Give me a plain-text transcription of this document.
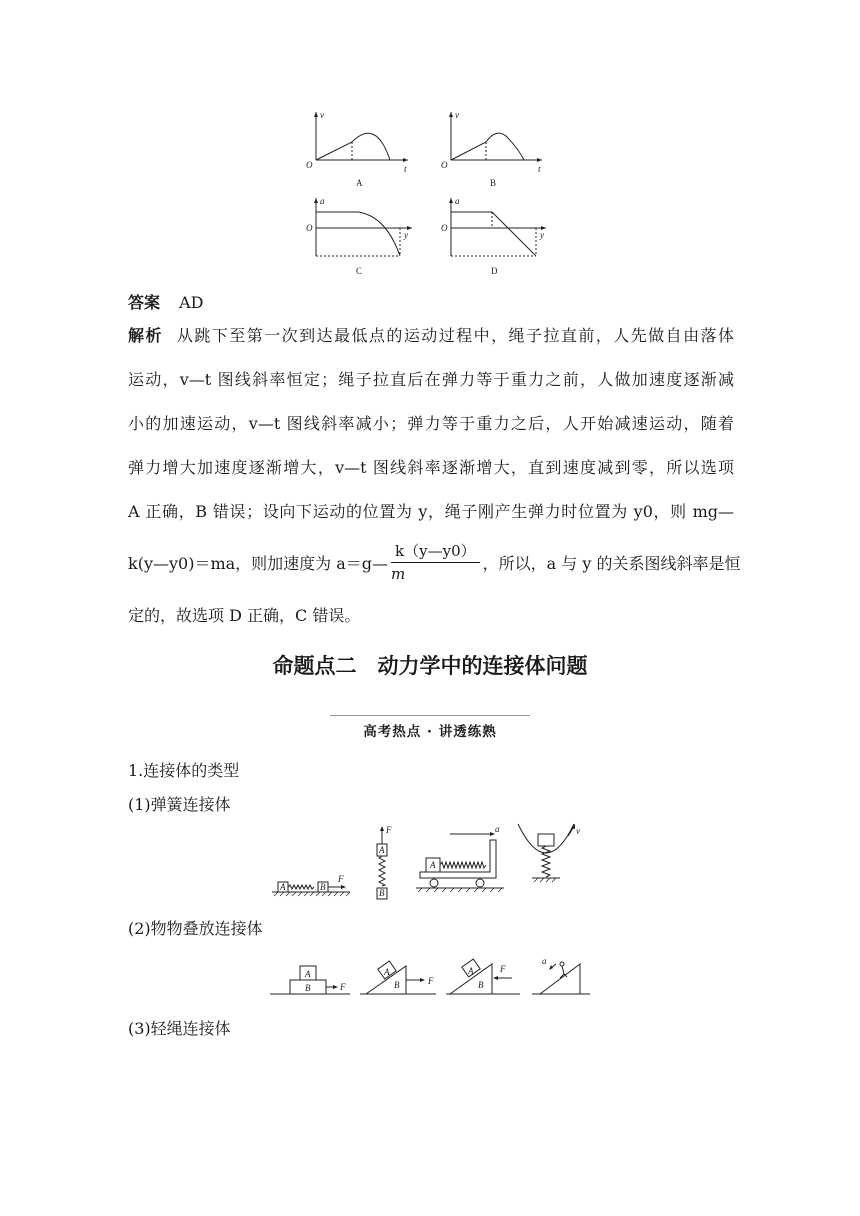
v
t
O
A
v
t
O
B
a
y
O
C
a
y
O
D
答案 AD
解析 从跳下至第一次到达最低点的运动过程中，绳子拉直前，人先做自由落体
运动，v—t 图线斜率恒定；绳子拉直后在弹力等于重力之前，人做加速度逐渐减
小的加速运动，v—t 图线斜率减小；弹力等于重力之后，人开始减速运动，随着
弹力增大加速度逐渐增大，v—t 图线斜率逐渐增大，直到速度减到零，所以选项
A 正确，B 错误；设向下运动的位置为 y，绳子刚产生弹力时位置为 y0，则 mg—
k(y—y0)＝ma，则加速度为 a＝g— $\frac{k(y—y0)}{m}$ ，所以，a 与 y 的关系图线斜率是恒
定的，故选项 D 正确，C 错误。
命题点二　动力学中的连接体问题
高考热点 · 讲透练熟
1.连接体的类型
(1)弹簧连接体
A	B
F
F
A
B
a
A
v
(2)物物叠放连接体
B
A
F
A
B	F
A
B
F
a
(3)轻绳连接体
